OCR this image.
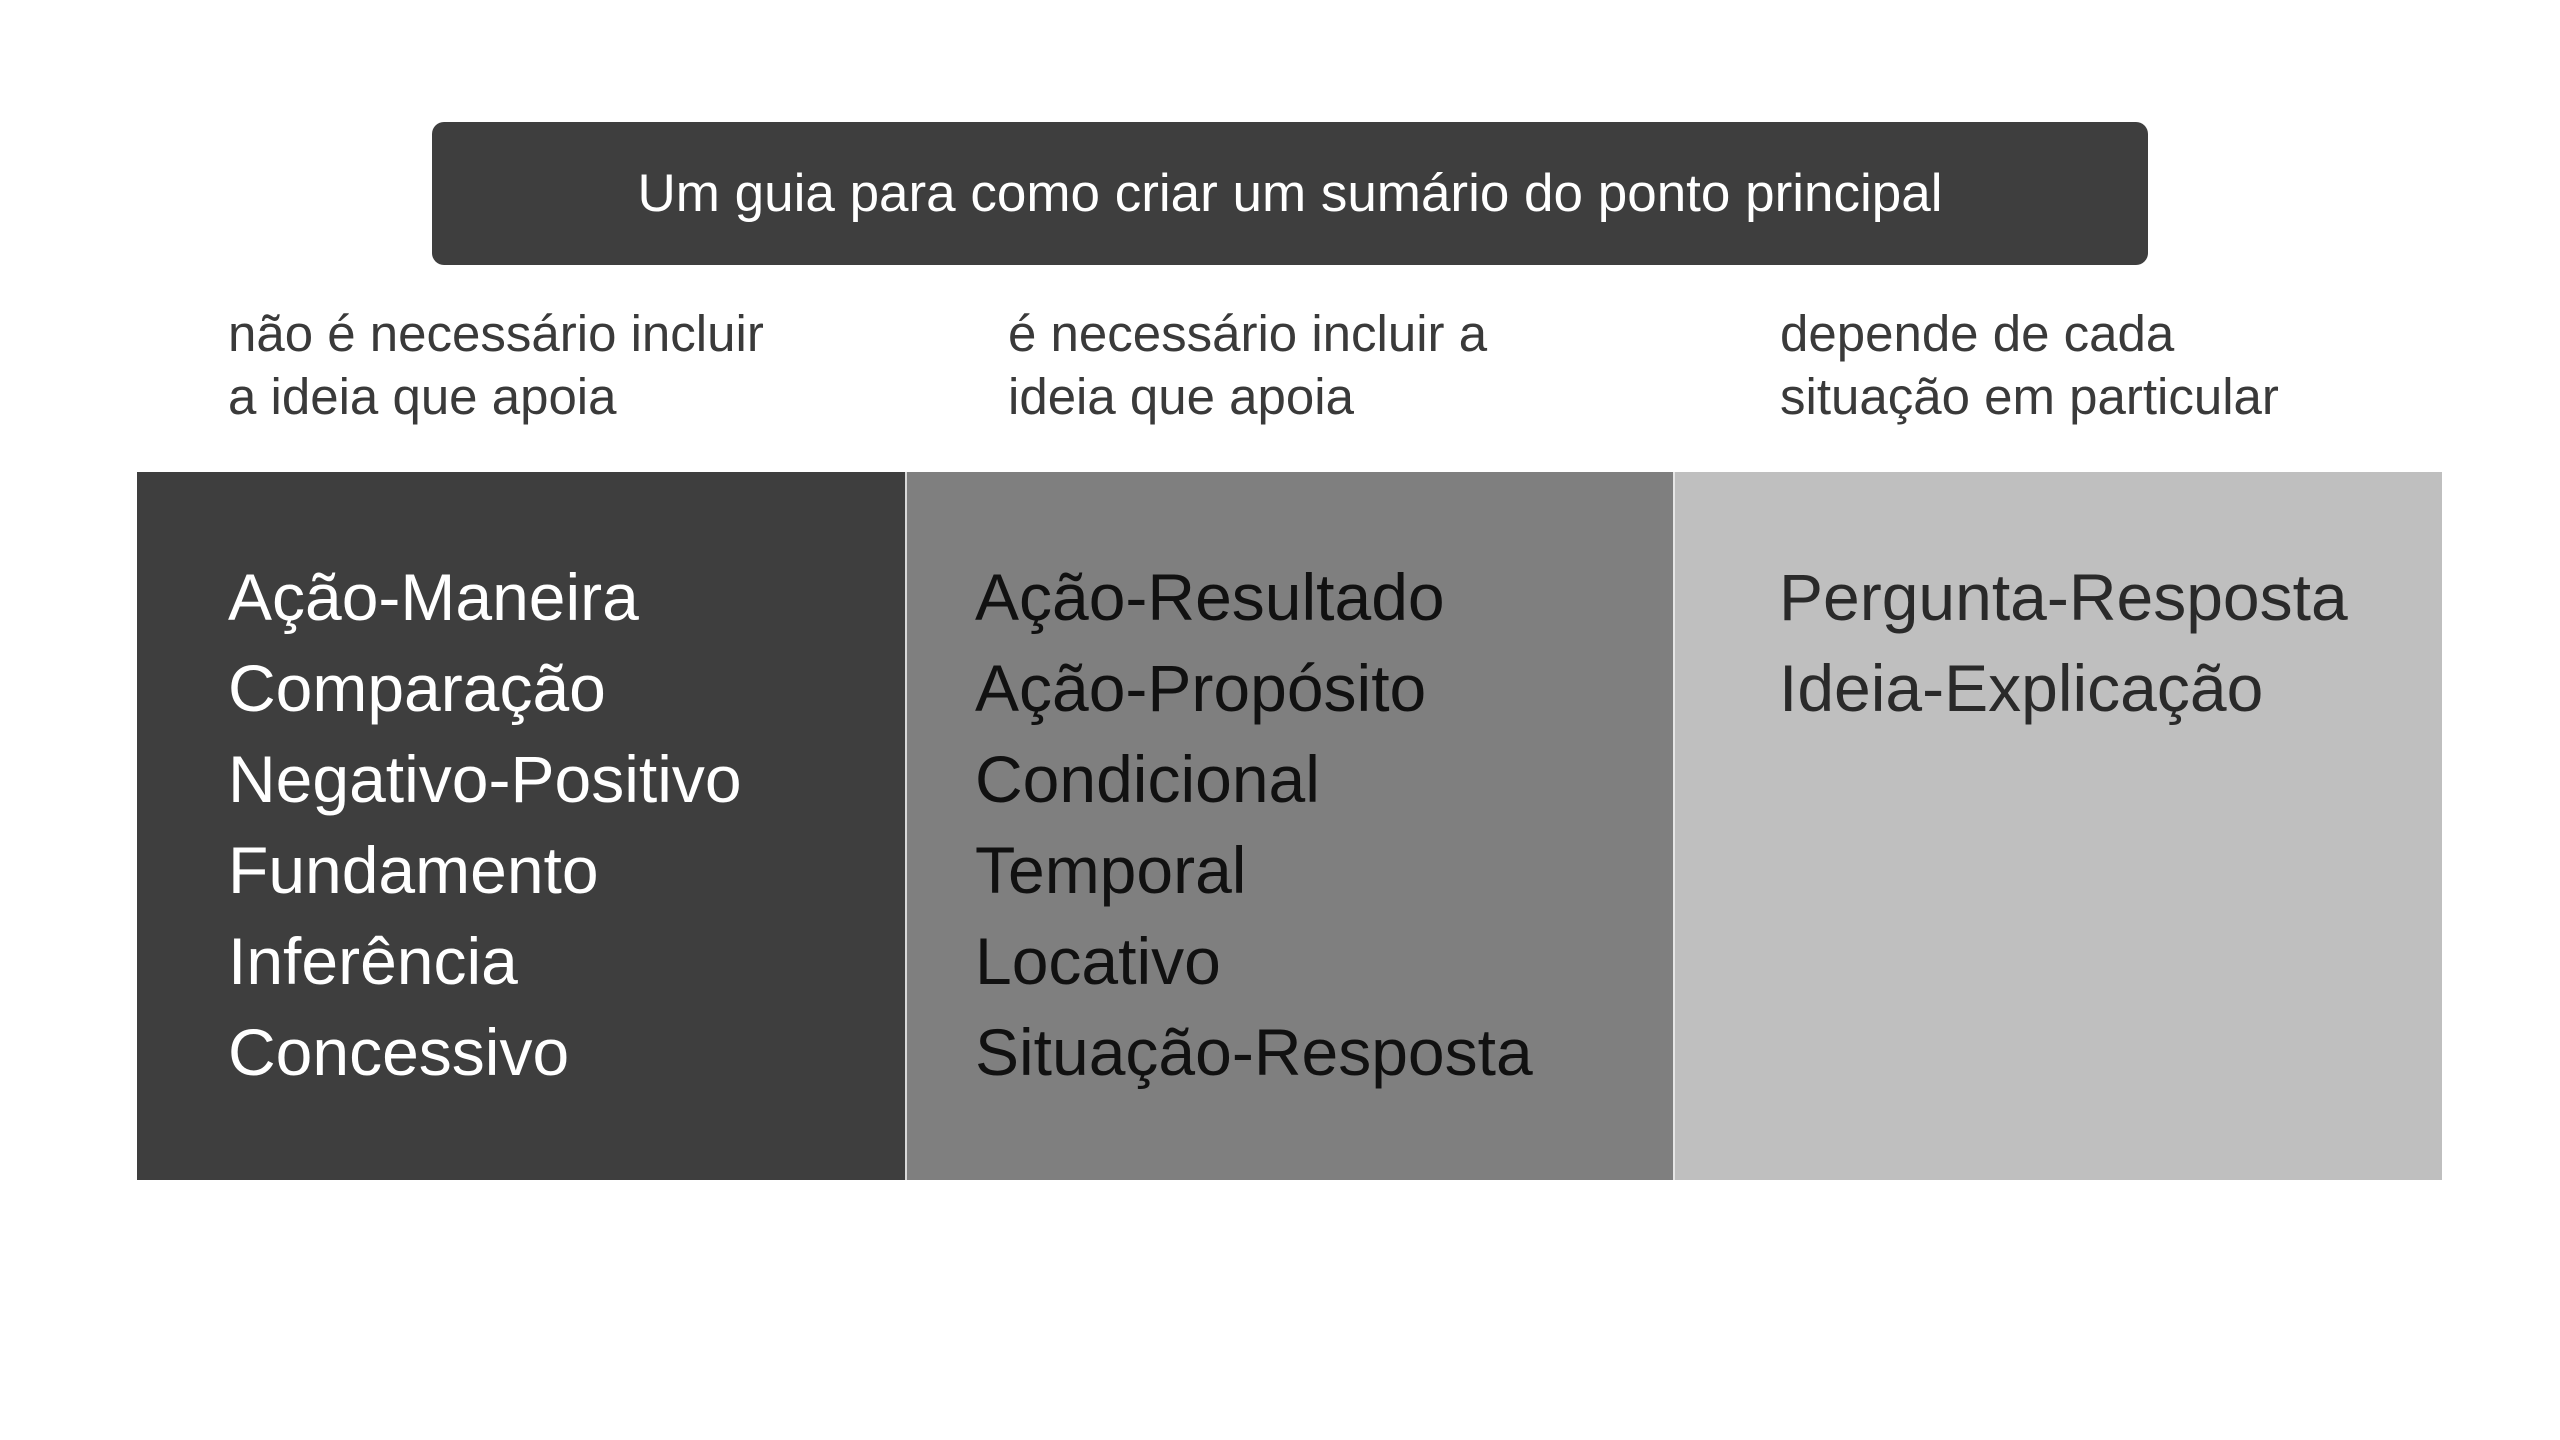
Um guia para como criar um sumário do ponto principal
não é necessário incluir
a ideia que apoia
é necessário incluir a
ideia que apoia
depende de cada
situação em particular
Ação-Maneira
Comparação
Negativo-Positivo
Fundamento
Inferência
Concessivo
Ação-Resultado
Ação-Propósito
Condicional
Temporal
Locativo
Situação-Resposta
Pergunta-Resposta
Ideia-Explicação
